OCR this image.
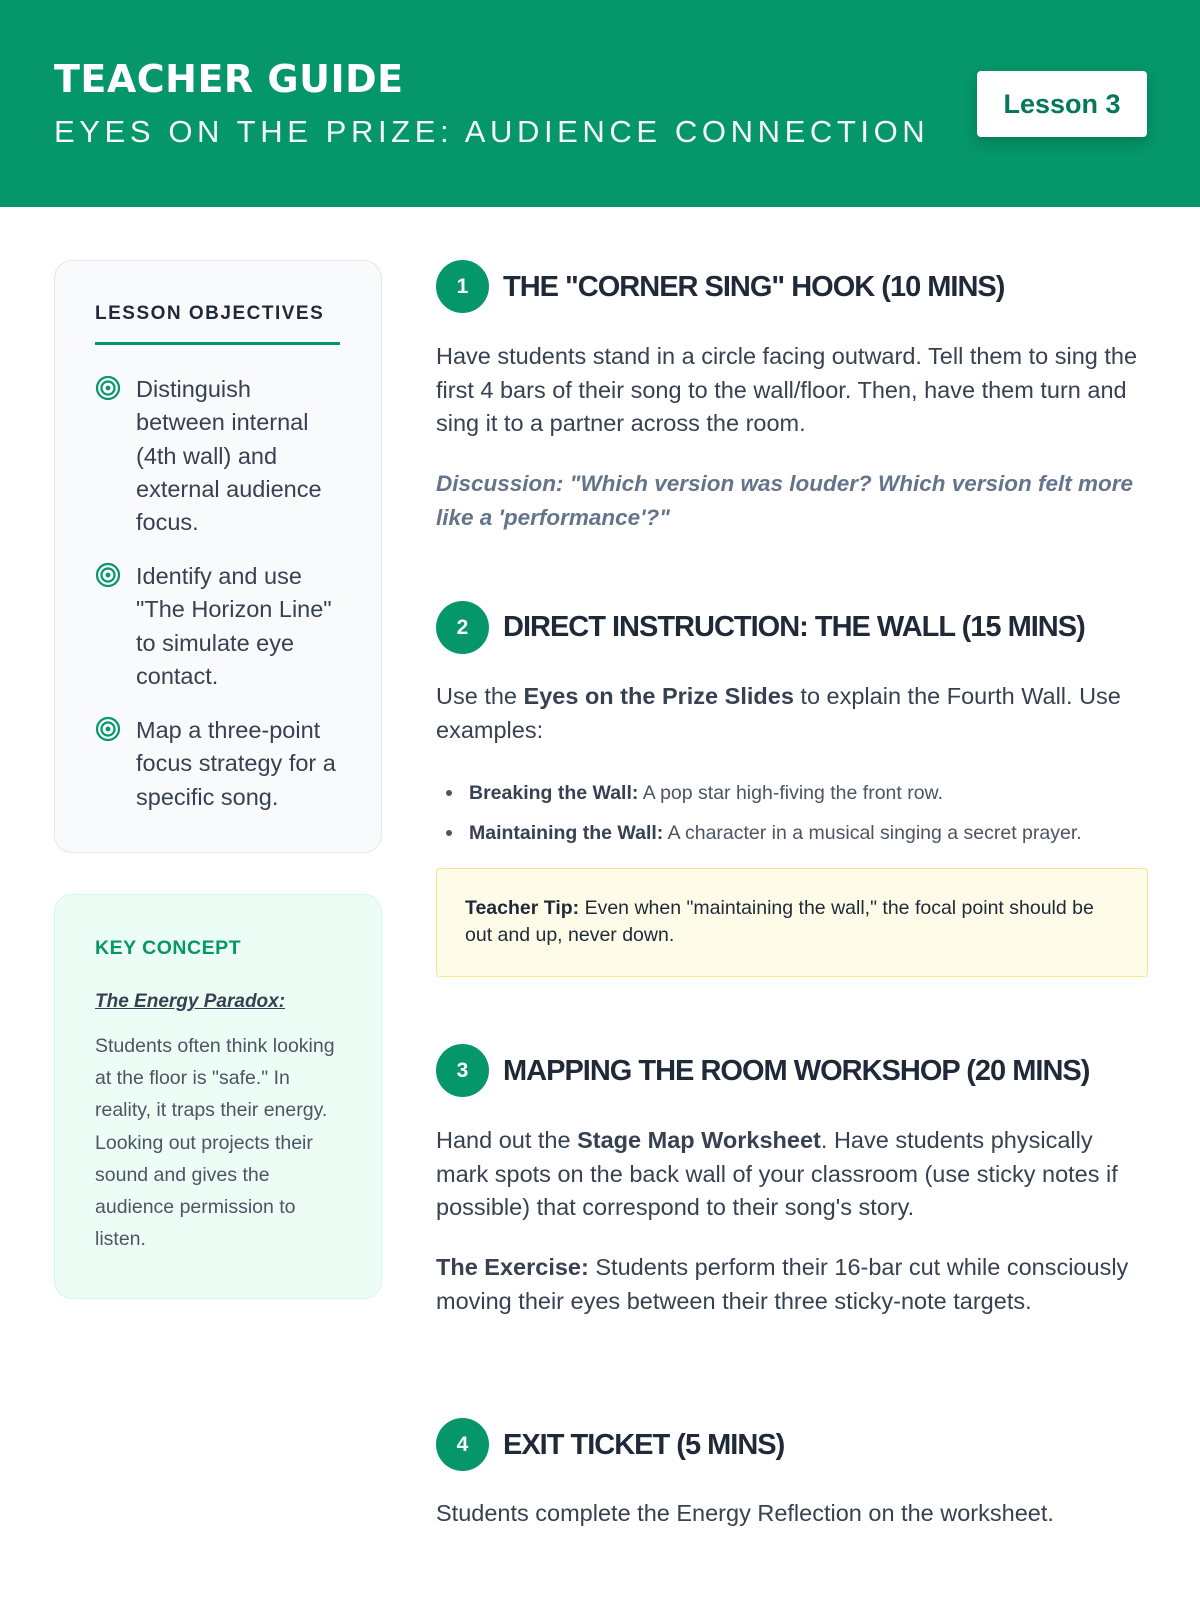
TEACHER GUIDE
EYES ON THE PRIZE: AUDIENCE CONNECTION
Lesson 3
LESSON OBJECTIVES
Distinguish between internal (4th wall) and external audience focus.
Identify and use "The Horizon Line" to simulate eye contact.
Map a three-point focus strategy for a specific song.
KEY CONCEPT
The Energy Paradox:
Students often think looking at the floor is "safe." In reality, it traps their energy. Looking out projects their sound and gives the audience permission to listen.
1	THE "CORNER SING" HOOK (10 MINS)
Have students stand in a circle facing outward. Tell them to sing the first 4 bars of their song to the wall/floor. Then, have them turn and sing it to a partner across the room.
Discussion: "Which version was louder? Which version felt more like a 'performance'?"
2	DIRECT INSTRUCTION: THE WALL (15 MINS)
Use the Eyes on the Prize Slides to explain the Fourth Wall. Use examples:
Breaking the Wall: A pop star high-fiving the front row.
Maintaining the Wall: A character in a musical singing a secret prayer.
Teacher Tip: Even when "maintaining the wall," the focal point should be out and up, never down.
3	MAPPING THE ROOM WORKSHOP (20 MINS)
Hand out the Stage Map Worksheet. Have students physically mark spots on the back wall of your classroom (use sticky notes if possible) that correspond to their song's story.
The Exercise: Students perform their 16-bar cut while consciously moving their eyes between their three sticky-note targets.
4	EXIT TICKET (5 MINS)
Students complete the Energy Reflection on the worksheet.
